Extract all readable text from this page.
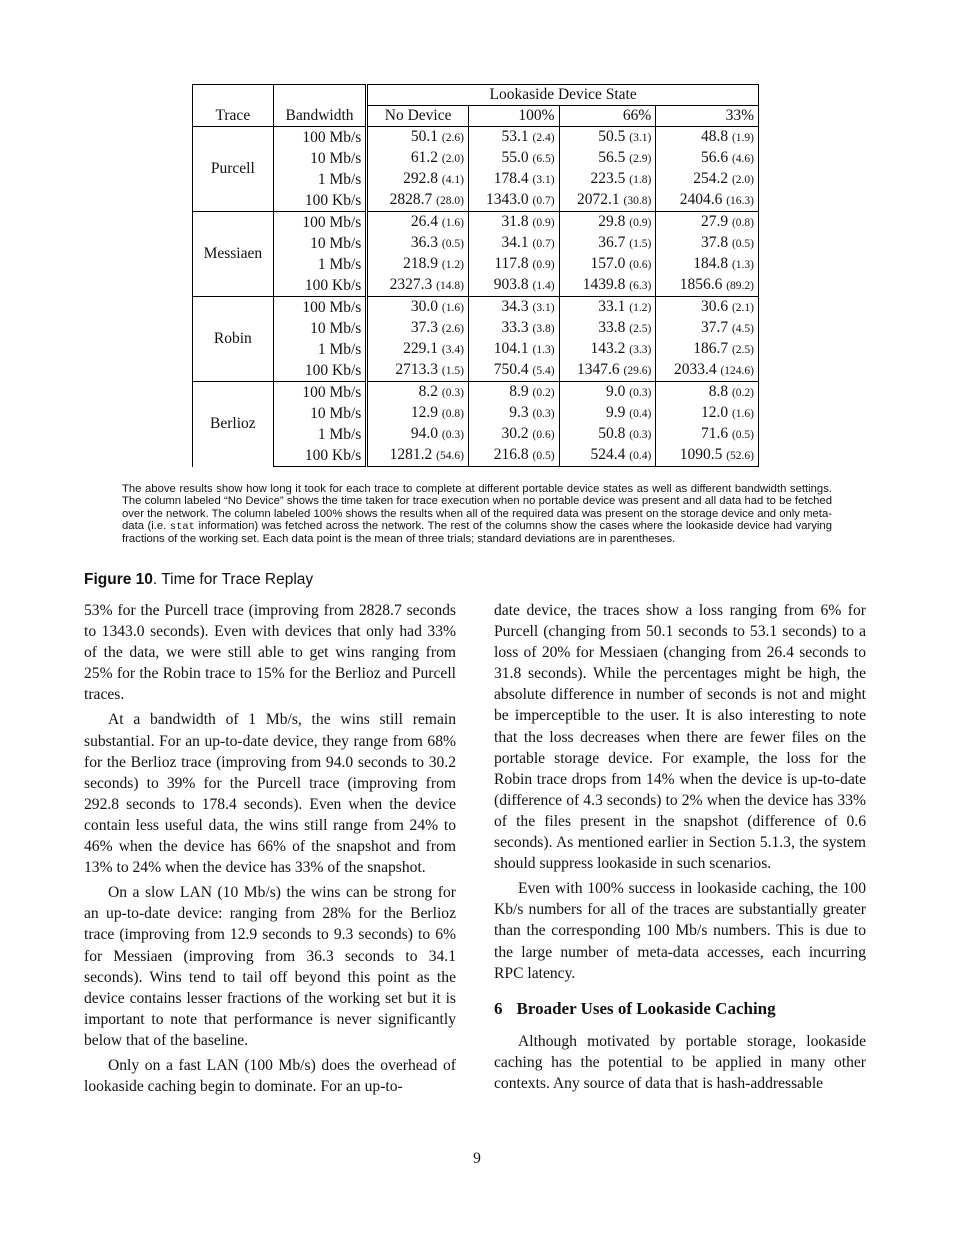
		Lookaside Device State			
Trace	Bandwidth	No Device	100%	66%	33%
Purcell	100 Mb/s	50.1 (2.6)	53.1 (2.4)	50.5 (3.1)	48.8 (1.9)
	10 Mb/s	61.2 (2.0)	55.0 (6.5)	56.5 (2.9)	56.6 (4.6)
	1 Mb/s	292.8 (4.1)	178.4 (3.1)	223.5 (1.8)	254.2 (2.0)
	100 Kb/s	2828.7 (28.0)	1343.0 (0.7)	2072.1 (30.8)	2404.6 (16.3)
Messiaen	100 Mb/s	26.4 (1.6)	31.8 (0.9)	29.8 (0.9)	27.9 (0.8)
	10 Mb/s	36.3 (0.5)	34.1 (0.7)	36.7 (1.5)	37.8 (0.5)
	1 Mb/s	218.9 (1.2)	117.8 (0.9)	157.0 (0.6)	184.8 (1.3)
	100 Kb/s	2327.3 (14.8)	903.8 (1.4)	1439.8 (6.3)	1856.6 (89.2)
Robin	100 Mb/s	30.0 (1.6)	34.3 (3.1)	33.1 (1.2)	30.6 (2.1)
	10 Mb/s	37.3 (2.6)	33.3 (3.8)	33.8 (2.5)	37.7 (4.5)
	1 Mb/s	229.1 (3.4)	104.1 (1.3)	143.2 (3.3)	186.7 (2.5)
	100 Kb/s	2713.3 (1.5)	750.4 (5.4)	1347.6 (29.6)	2033.4 (124.6)
Berlioz	100 Mb/s	8.2 (0.3)	8.9 (0.2)	9.0 (0.3)	8.8 (0.2)
	10 Mb/s	12.9 (0.8)	9.3 (0.3)	9.9 (0.4)	12.0 (1.6)
	1 Mb/s	94.0 (0.3)	30.2 (0.6)	50.8 (0.3)	71.6 (0.5)
	100 Kb/s	1281.2 (54.6)	216.8 (0.5)	524.4 (0.4)	1090.5 (52.6)
The above results show how long it took for each trace to complete at different portable device states as well as different bandwidth settings. The column labeled “No Device” shows the time taken for trace execution when no portable device was present and all data had to be fetched over the network. The column labeled 100% shows the results when all of the required data was present on the storage device and only meta-data (i.e. stat information) was fetched across the network. The rest of the columns show the cases where the lookaside device had varying fractions of the working set. Each data point is the mean of three trials; standard deviations are in parentheses.
Figure 10. Time for Trace Replay

53% for the Purcell trace (improving from 2828.7 seconds to 1343.0 seconds). Even with devices that only had 33% of the data, we were still able to get wins ranging from 25% for the Robin trace to 15% for the Berlioz and Purcell traces.

At a bandwidth of 1 Mb/s, the wins still remain substantial. For an up-to-date device, they range from 68% for the Berlioz trace (improving from 94.0 seconds to 30.2 seconds) to 39% for the Purcell trace (improving from 292.8 seconds to 178.4 seconds). Even when the device contain less useful data, the wins still range from 24% to 46% when the device has 66% of the snapshot and from 13% to 24% when the device has 33% of the snapshot.

On a slow LAN (10 Mb/s) the wins can be strong for an up-to-date device: ranging from 28% for the Berlioz trace (improving from 12.9 seconds to 9.3 seconds) to 6% for Messiaen (improving from 36.3 seconds to 34.1 seconds). Wins tend to tail off beyond this point as the device contains lesser fractions of the working set but it is important to note that performance is never significantly below that of the baseline.

Only on a fast LAN (100 Mb/s) does the overhead of lookaside caching begin to dominate. For an up-to-

date device, the traces show a loss ranging from 6% for Purcell (changing from 50.1 seconds to 53.1 seconds) to a loss of 20% for Messiaen (changing from 26.4 seconds to 31.8 seconds). While the percentages might be high, the absolute difference in number of seconds is not and might be imperceptible to the user. It is also interesting to note that the loss decreases when there are fewer files on the portable storage device. For example, the loss for the Robin trace drops from 14% when the device is up-to-date (difference of 4.3 seconds) to 2% when the device has 33% of the files present in the snapshot (difference of 0.6 seconds). As mentioned earlier in Section 5.1.3, the system should suppress lookaside in such scenarios.

Even with 100% success in lookaside caching, the 100 Kb/s numbers for all of the traces are substantially greater than the corresponding 100 Mb/s numbers. This is due to the large number of meta-data accesses, each incurring RPC latency.

6 Broader Uses of Lookaside Caching

Although motivated by portable storage, lookaside caching has the potential to be applied in many other contexts. Any source of data that is hash-addressable

9
